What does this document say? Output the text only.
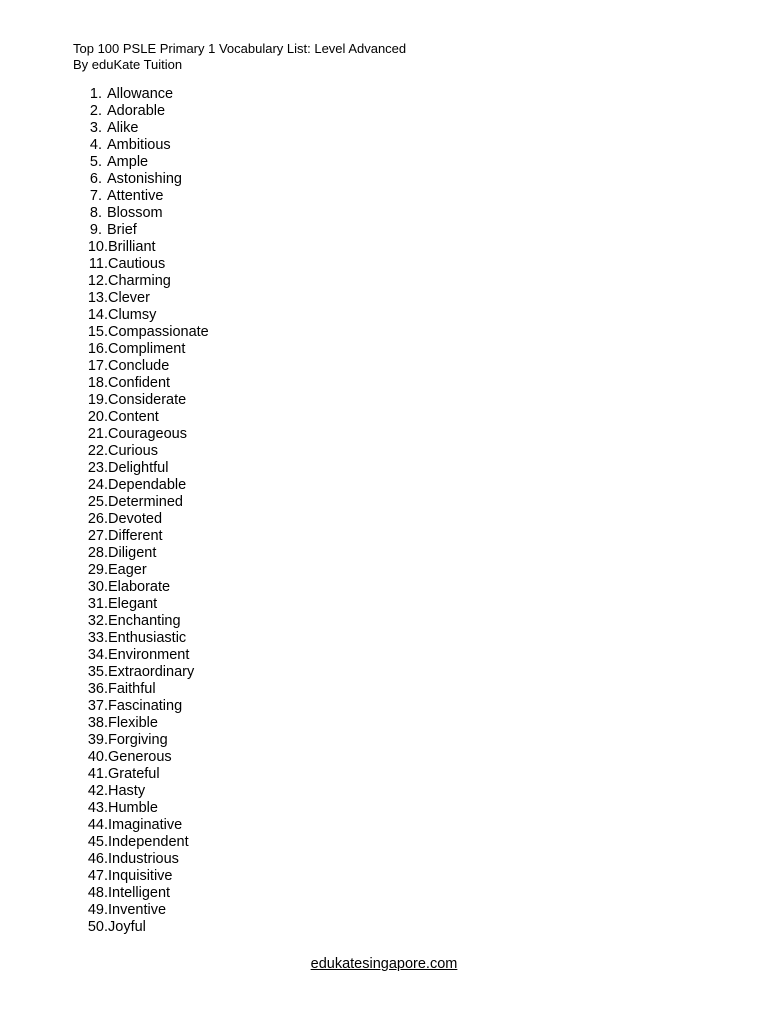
Top 100 PSLE Primary 1 Vocabulary List: Level Advanced
By eduKate Tuition
1. Allowance
2. Adorable
3. Alike
4. Ambitious
5. Ample
6. Astonishing
7. Attentive
8. Blossom
9. Brief
10. Brilliant
11. Cautious
12. Charming
13. Clever
14. Clumsy
15. Compassionate
16. Compliment
17. Conclude
18. Confident
19. Considerate
20. Content
21. Courageous
22. Curious
23. Delightful
24. Dependable
25. Determined
26. Devoted
27. Different
28. Diligent
29. Eager
30. Elaborate
31. Elegant
32. Enchanting
33. Enthusiastic
34. Environment
35. Extraordinary
36. Faithful
37. Fascinating
38. Flexible
39. Forgiving
40. Generous
41. Grateful
42. Hasty
43. Humble
44. Imaginative
45. Independent
46. Industrious
47. Inquisitive
48. Intelligent
49. Inventive
50. Joyful
edukatesingapore.com
